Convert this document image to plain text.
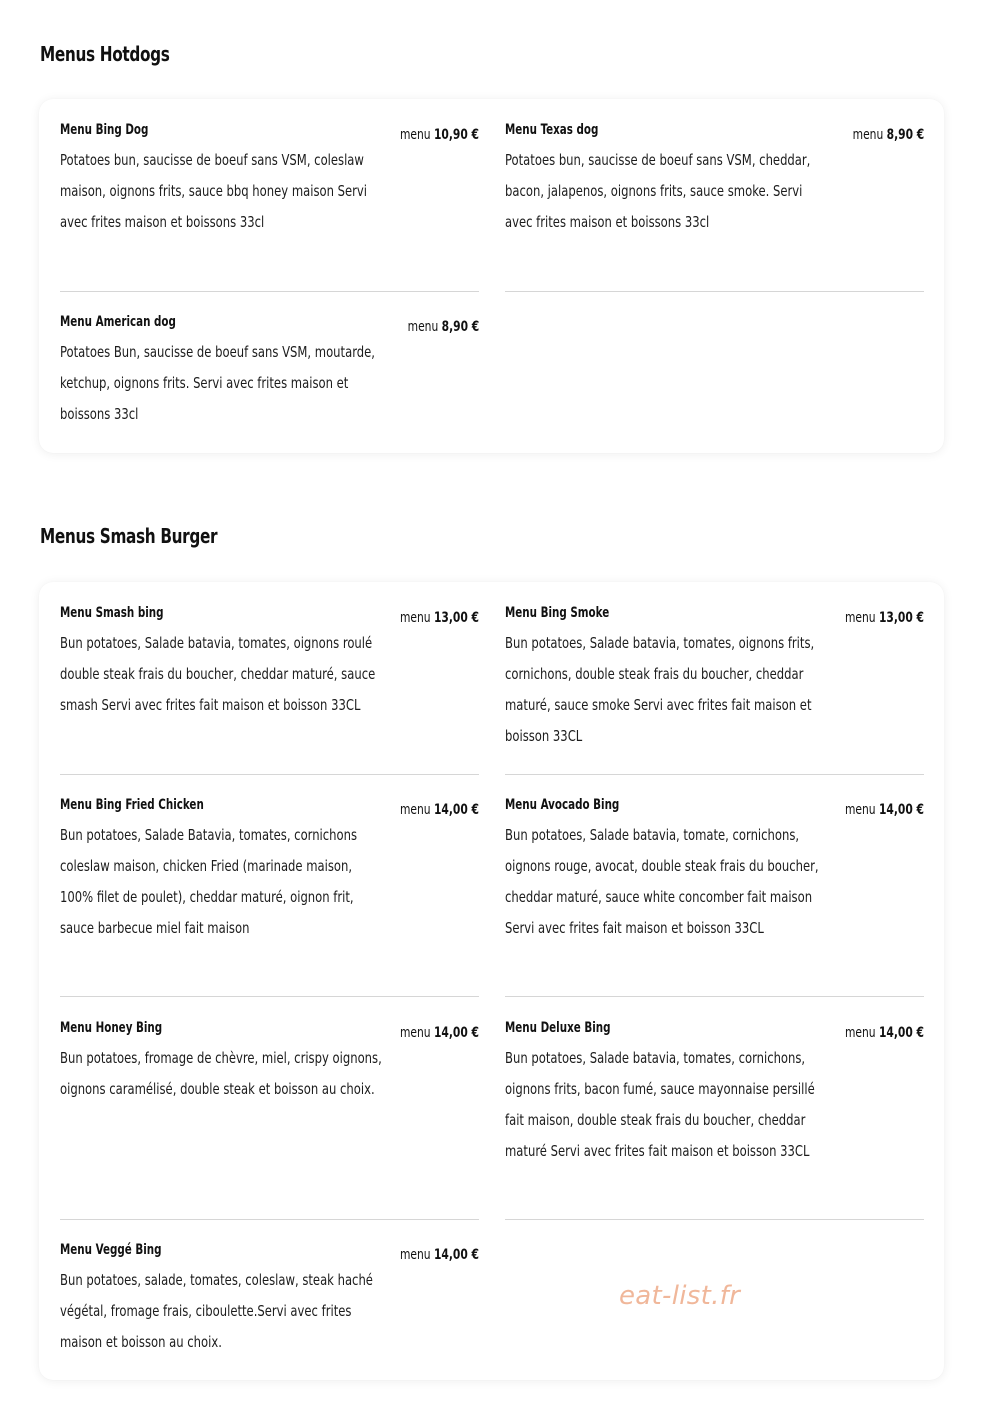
Menus Hotdogs
Menu Bing Dog	menu 10,90 €
Potatoes bun, saucisse de boeuf sans VSM, coleslaw maison, oignons frits, sauce bbq honey maison Servi avec frites maison et boissons 33cl
Menu Texas dog	menu 8,90 €
Potatoes bun, saucisse de boeuf sans VSM, cheddar, bacon, jalapenos, oignons frits, sauce smoke. Servi avec frites maison et boissons 33cl
Menu American dog	menu 8,90 €
Potatoes Bun, saucisse de boeuf sans VSM, moutarde, ketchup, oignons frits. Servi avec frites maison et boissons 33cl
Menus Smash Burger
Menu Smash bing	menu 13,00 €
Bun potatoes, Salade batavia, tomates, oignons roulé double steak frais du boucher, cheddar maturé, sauce smash Servi avec frites fait maison et boisson 33CL
Menu Bing Smoke	menu 13,00 €
Bun potatoes, Salade batavia, tomates, oignons frits, cornichons, double steak frais du boucher, cheddar maturé, sauce smoke Servi avec frites fait maison et boisson 33CL
Menu Bing Fried Chicken	menu 14,00 €
Bun potatoes, Salade Batavia, tomates, cornichons coleslaw maison, chicken Fried (marinade maison, 100% filet de poulet), cheddar maturé, oignon frit, sauce barbecue miel fait maison
Menu Avocado Bing	menu 14,00 €
Bun potatoes, Salade batavia, tomate, cornichons, oignons rouge, avocat, double steak frais du boucher, cheddar maturé, sauce white concomber fait maison Servi avec frites fait maison et boisson 33CL
Menu Honey Bing	menu 14,00 €
Bun potatoes, fromage de chèvre, miel, crispy oignons, oignons caramélisé, double steak et boisson au choix.
Menu Deluxe Bing	menu 14,00 €
Bun potatoes, Salade batavia, tomates, cornichons, oignons frits, bacon fumé, sauce mayonnaise persillé fait maison, double steak frais du boucher, cheddar maturé Servi avec frites fait maison et boisson 33CL
Menu Veggé Bing	menu 14,00 €
Bun potatoes, salade, tomates, coleslaw, steak haché végétal, fromage frais, ciboulette.Servi avec frites maison et boisson au choix.
eat-list.fr
